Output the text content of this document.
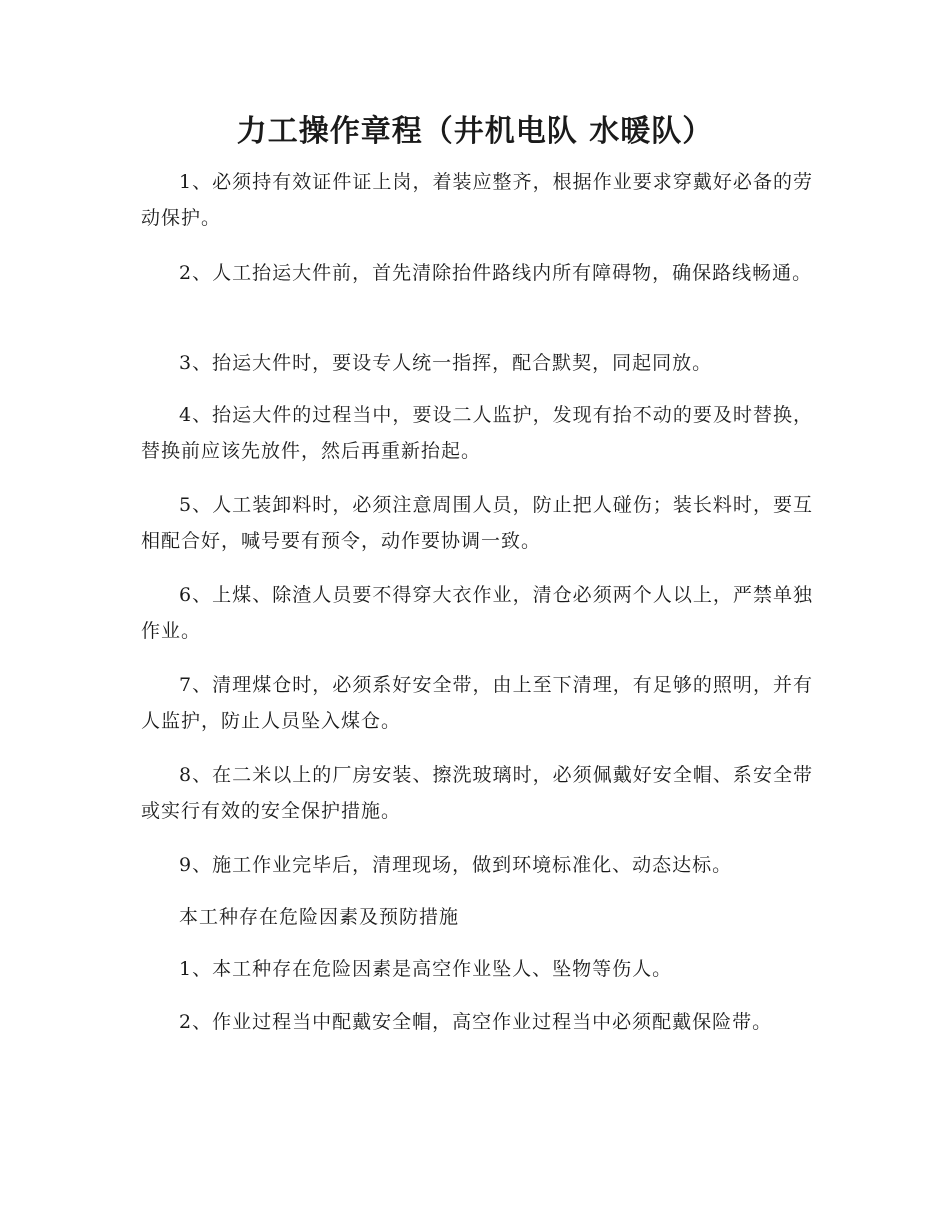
力工操作章程（井机电队 水暖队）

1、必须持有效证件证上岗，着装应整齐，根据作业要求穿戴好必备的劳动保护。

2、人工抬运大件前，首先清除抬件路线内所有障碍物，确保路线畅通。

3、抬运大件时，要设专人统一指挥，配合默契，同起同放。

4、抬运大件的过程当中，要设二人监护，发现有抬不动的要及时替换，替换前应该先放件，然后再重新抬起。

5、人工装卸料时，必须注意周围人员，防止把人碰伤；装长料时，要互相配合好，喊号要有预令，动作要协调一致。

6、上煤、除渣人员要不得穿大衣作业，清仓必须两个人以上，严禁单独作业。

7、清理煤仓时，必须系好安全带，由上至下清理，有足够的照明，并有人监护，防止人员坠入煤仓。

8、在二米以上的厂房安装、擦洗玻璃时，必须佩戴好安全帽、系安全带或实行有效的安全保护措施。

9、施工作业完毕后，清理现场，做到环境标准化、动态达标。

本工种存在危险因素及预防措施

1、本工种存在危险因素是高空作业坠人、坠物等伤人。

2、作业过程当中配戴安全帽，高空作业过程当中必须配戴保险带。
